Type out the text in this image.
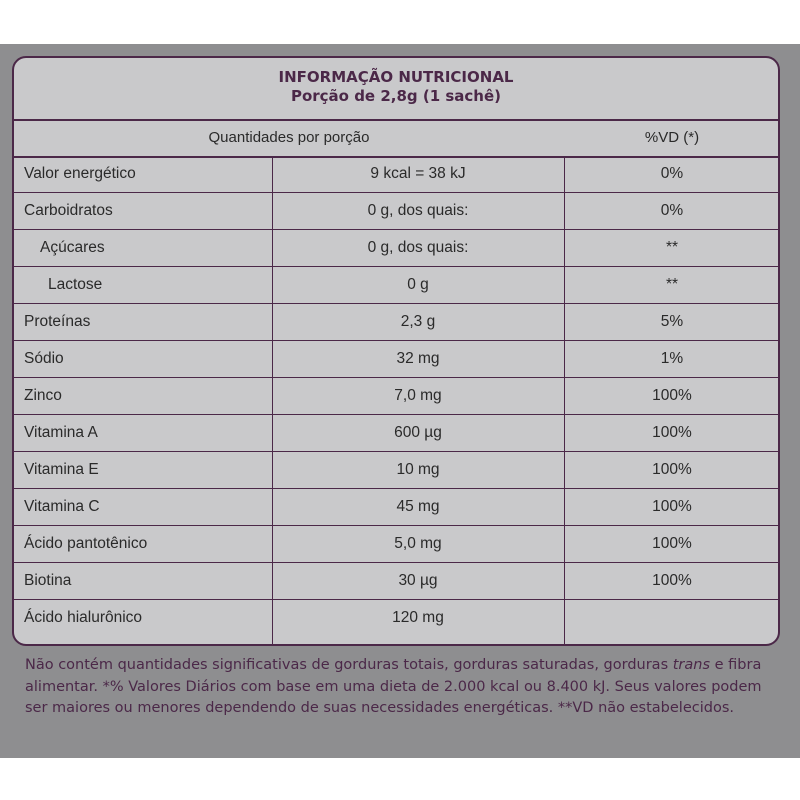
INFORMAÇÃO NUTRICIONAL
Porção de 2,8g (1 sachê)
Quantidades por porção	%VD (*)
Valor energético	9 kcal = 38 kJ	0%
Carboidratos	0 g, dos quais:	0%
Açúcares	0 g, dos quais:	**
Lactose	0 g	**
Proteínas	2,3 g	5%
Sódio	32 mg	1%
Zinco	7,0 mg	100%
Vitamina A	600 µg	100%
Vitamina E	10 mg	100%
Vitamina C	45 mg	100%
Ácido pantotênico	5,0 mg	100%
Biotina	30 µg	100%
Ácido hialurônico	120 mg
Não contém quantidades significativas de gorduras totais, gorduras saturadas, gorduras trans e fibra alimentar. *% Valores Diários com base em uma dieta de 2.000 kcal ou 8.400 kJ. Seus valores podem ser maiores ou menores dependendo de suas necessidades energéticas. **VD não estabelecidos.
